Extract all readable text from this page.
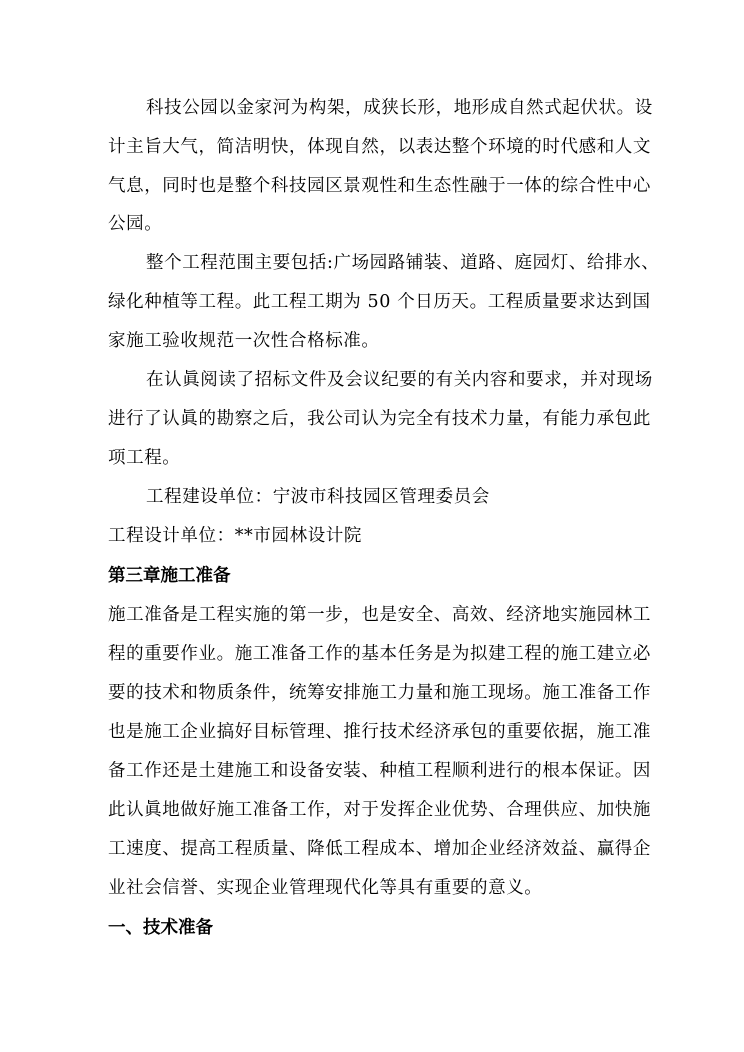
科技公园以金家河为构架，成狭长形，地形成自然式起伏状。设
计主旨大气，简洁明快，体现自然，以表达整个环境的时代感和人文
气息，同时也是整个科技园区景观性和生态性融于一体的综合性中心
公园。
整个工程范围主要包括:广场园路铺装、道路、庭园灯、给排水、
绿化种植等工程。此工程工期为 50 个日历天。工程质量要求达到国
家施工验收规范一次性合格标准。
在认眞阅读了招标文件及会议纪要的有关内容和要求，并对现场
进行了认眞的勘察之后，我公司认为完全有技术力量，有能力承包此
项工程。
工程建设单位：宁波市科技园区管理委员会
工程设计单位：**市园林设计院
第三章施工准备
施工准备是工程实施的第一步，也是安全、高效、经济地实施园林工
程的重要作业。施工准备工作的基本任务是为拟建工程的施工建立必
要的技术和物质条件，统筹安排施工力量和施工现场。施工准备工作
也是施工企业搞好目标管理、推行技术经济承包的重要依据，施工准
备工作还是土建施工和设备安装、种植工程顺利进行的根本保证。因
此认眞地做好施工准备工作，对于发挥企业优势、合理供应、加快施
工速度、提高工程质量、降低工程成本、增加企业经济效益、赢得企
业社会信誉、实现企业管理现代化等具有重要的意义。
一、技术准备
